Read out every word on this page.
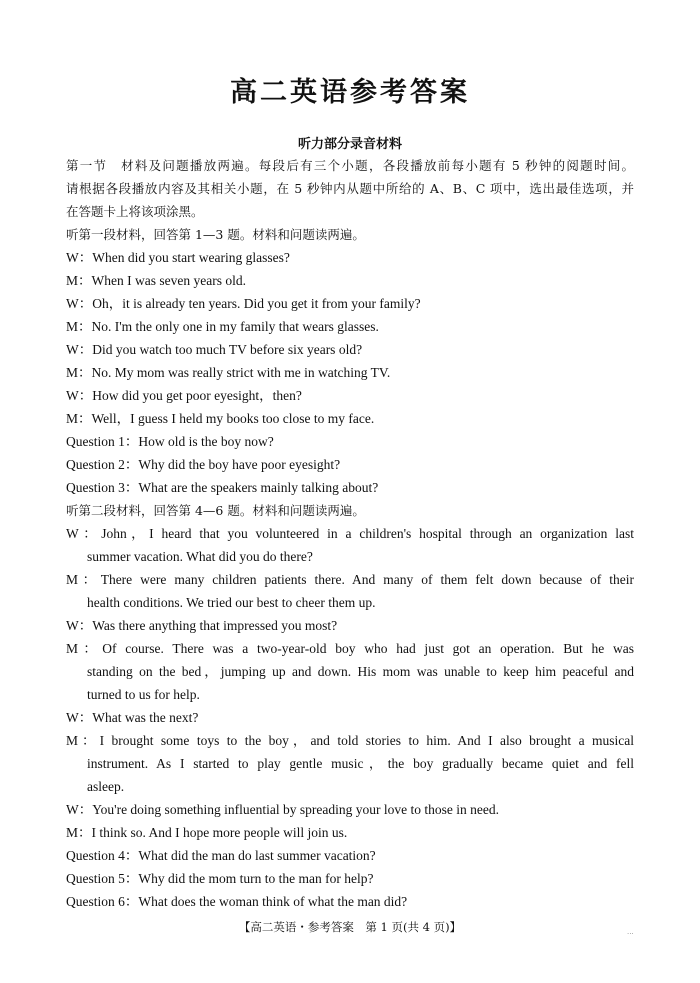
高二英语参考答案
听力部分录音材料
第一节　材料及问题播放两遍。每段后有三个小题，各段播放前每小题有 5 秒钟的阅题时间。
请根据各段播放内容及其相关小题，在 5 秒钟内从题中所给的 A、B、C 项中，选出最佳选项，并
在答题卡上将该项涂黑。
听第一段材料，回答第 1—3 题。材料和问题读两遍。
W：When did you start wearing glasses?
M：When I was seven years old.
W：Oh，it is already ten years. Did you get it from your family?
M：No. I'm the only one in my family that wears glasses.
W：Did you watch too much TV before six years old?
M：No. My mom was really strict with me in watching TV.
W：How did you get poor eyesight，then?
M：Well，I guess I held my books too close to my face.
Question 1：How old is the boy now?
Question 2：Why did the boy have poor eyesight?
Question 3：What are the speakers mainly talking about?
听第二段材料，回答第 4—6 题。材料和问题读两遍。
W：John，I heard that you volunteered in a children's hospital through an organization last
summer vacation. What did you do there?
M：There were many children patients there. And many of them felt down because of their
health conditions. We tried our best to cheer them up.
W：Was there anything that impressed you most?
M：Of course. There was a two-year-old boy who had just got an operation. But he was
standing on the bed，jumping up and down. His mom was unable to keep him peaceful and
turned to us for help.
W：What was the next?
M：I brought some toys to the boy，and told stories to him. And I also brought a musical
instrument. As I started to play gentle music，the boy gradually became quiet and fell
asleep.
W：You're doing something influential by spreading your love to those in need.
M：I think so. And I hope more people will join us.
Question 4：What did the man do last summer vacation?
Question 5：Why did the mom turn to the man for help?
Question 6：What does the woman think of what the man did?
【高二英语・参考答案　第 1 页(共 4 页)】	...
